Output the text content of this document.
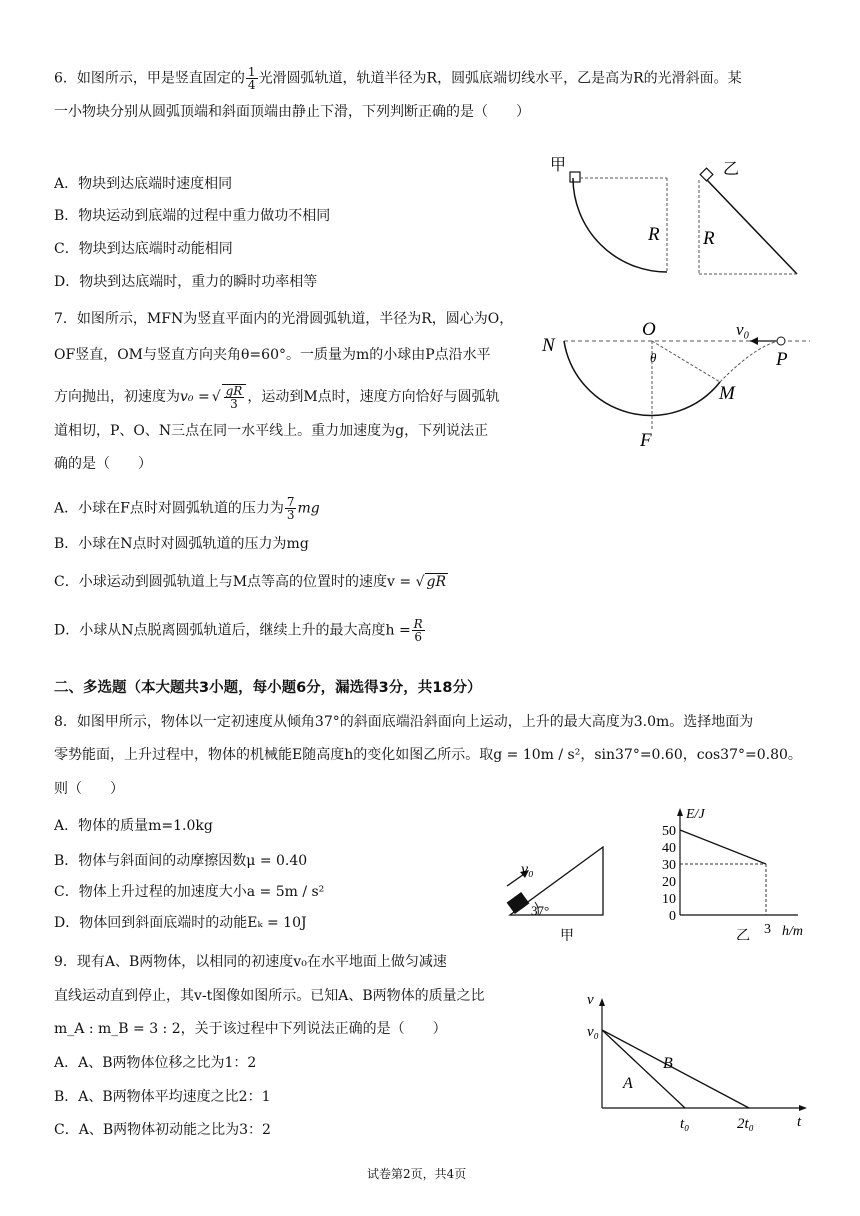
6．如图所示，甲是竖直固定的 $\frac{1}{4}$ 光滑圆弧轨道，轨道半径为R，圆弧底端切线水平，乙是高为R的光滑斜面。某
一小物块分别从圆弧顶端和斜面顶端由静止下滑，下列判断正确的是（　　）
A．物块到达底端时速度相同
B．物块运动到底端的过程中重力做功不相同
C．物块到达底端时动能相同
D．物块到达底端时，重力的瞬时功率相等
甲
R
乙
R
7．如图所示，MFN为竖直平面内的光滑圆弧轨道，半径为R，圆心为O，
OF竖直，OM与竖直方向夹角θ=60°。一质量为m的小球由P点沿水平
方向抛出，初速度为v₀ = √ $\frac{gR}{3}$ ，运动到M点时，速度方向恰好与圆弧轨
道相切，P、O、N三点在同一水平线上。重力加速度为g，下列说法正
确的是（　　）
A．小球在F点时对圆弧轨道的压力为 $\frac{7}{3}$ mg
B．小球在N点时对圆弧轨道的压力为mg
C．小球运动到圆弧轨道上与M点等高的位置时的速度v = √ gR
D．小球从N点脱离圆弧轨道后，继续上升的最大高度$h = \frac{R}{6}$
N
O	v₀
P
θ
M
F
二、多选题（本大题共3小题，每小题6分，漏选得3分，共18分）
8．如图甲所示，物体以一定初速度从倾角37°的斜面底端沿斜面向上运动，上升的最大高度为3.0m。选择地面为
零势能面，上升过程中，物体的机械能E随高度h的变化如图乙所示。取g = 10m / s²，sin37°=0.60，cos37°=0.80。
则（　　）
A．物体的质量m=1.0kg
B．物体与斜面间的动摩擦因数μ = 0.40
C．物体上升过程的加速度大小a = 5m / s²
D．物体回到斜面底端时的动能Eₖ = 10J
v₀
37°
甲
E/J
h/m
0
10
20
30
40
50
3
乙
9．现有A、B两物体，以相同的初速度v₀在水平地面上做匀减速
直线运动直到停止，其v-t图像如图所示。已知A、B两物体的质量之比
m_A : m_B = 3 : 2，关于该过程中下列说法正确的是（　　）
A．A、B两物体位移之比为1：2
B．A、B两物体平均速度之比2：1
C．A、B两物体初动能之比为3：2
v
t
v₀
A
B
t₀	2t₀
试卷第2页，共4页
